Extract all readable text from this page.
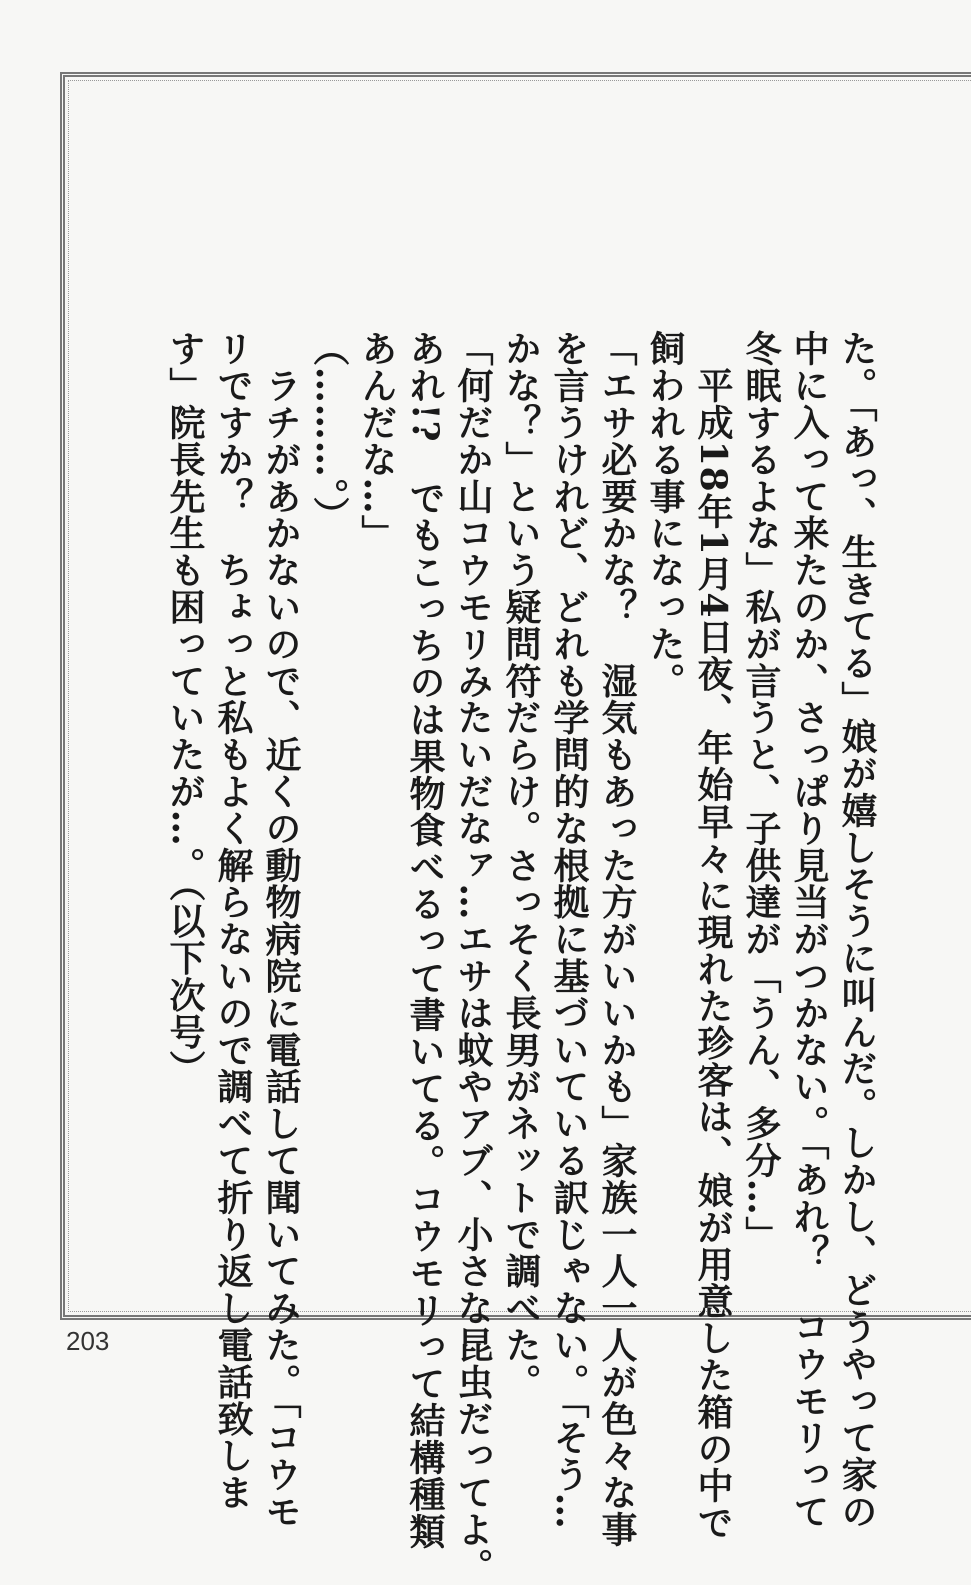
た。「あっ、生きてる」娘が嬉しそうに叫んだ。しかし、どうやって家の
中に入って来たのか、さっぱり見当がつかない。「あれ？　コウモリって
冬眠するよな」私が言うと、子供達が「うん、多分…」
　平成18年1月4日夜、年始早々に現れた珍客は、娘が用意した箱の中で
飼われる事になった。
「エサ必要かな？　湿気もあった方がいいかも」家族一人一人が色々な事
を言うけれど、どれも学問的な根拠に基づいている訳じゃない。「そう…
かな？」という疑問符だらけ。さっそく長男がネットで調べた。
「何だか山コウモリみたいだなァ…エサは蚊やアブ、小さな昆虫だってよ。
あれ!?　でもこっちのは果物食べるって書いてる。コウモリって結構種類
あんだな…」
（………。）
　ラチがあかないので、近くの動物病院に電話して聞いてみた。「コウモ
リですか？　ちょっと私もよく解らないので調べて折り返し電話致しま
す」院長先生も困っていたが…。（以下次号）
203
